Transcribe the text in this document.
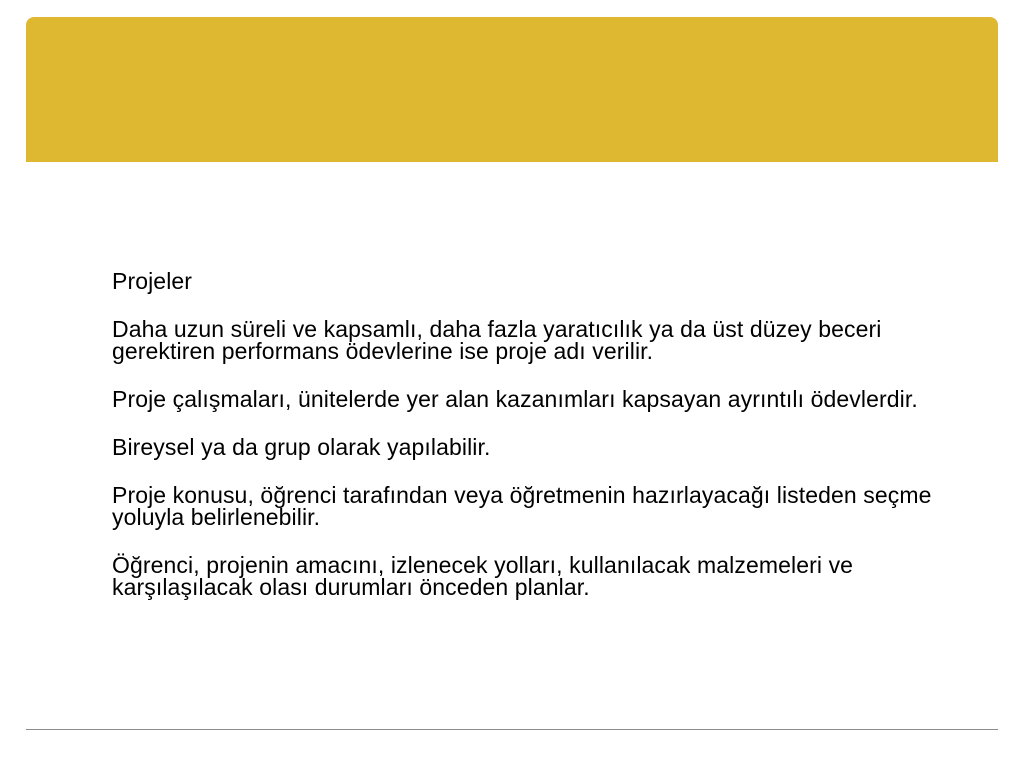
Projeler

Daha uzun süreli ve kapsamlı, daha fazla yaratıcılık ya da üst düzey beceri gerektiren performans ödevlerine ise proje adı verilir.

Proje çalışmaları, ünitelerde yer alan kazanımları kapsayan ayrıntılı ödevlerdir.

Bireysel ya da grup olarak yapılabilir.

Proje konusu, öğrenci tarafından veya öğretmenin hazırlayacağı listeden seçme yoluyla belirlenebilir.

Öğrenci, projenin amacını, izlenecek yolları, kullanılacak malzemeleri ve karşılaşılacak olası durumları önceden planlar.
